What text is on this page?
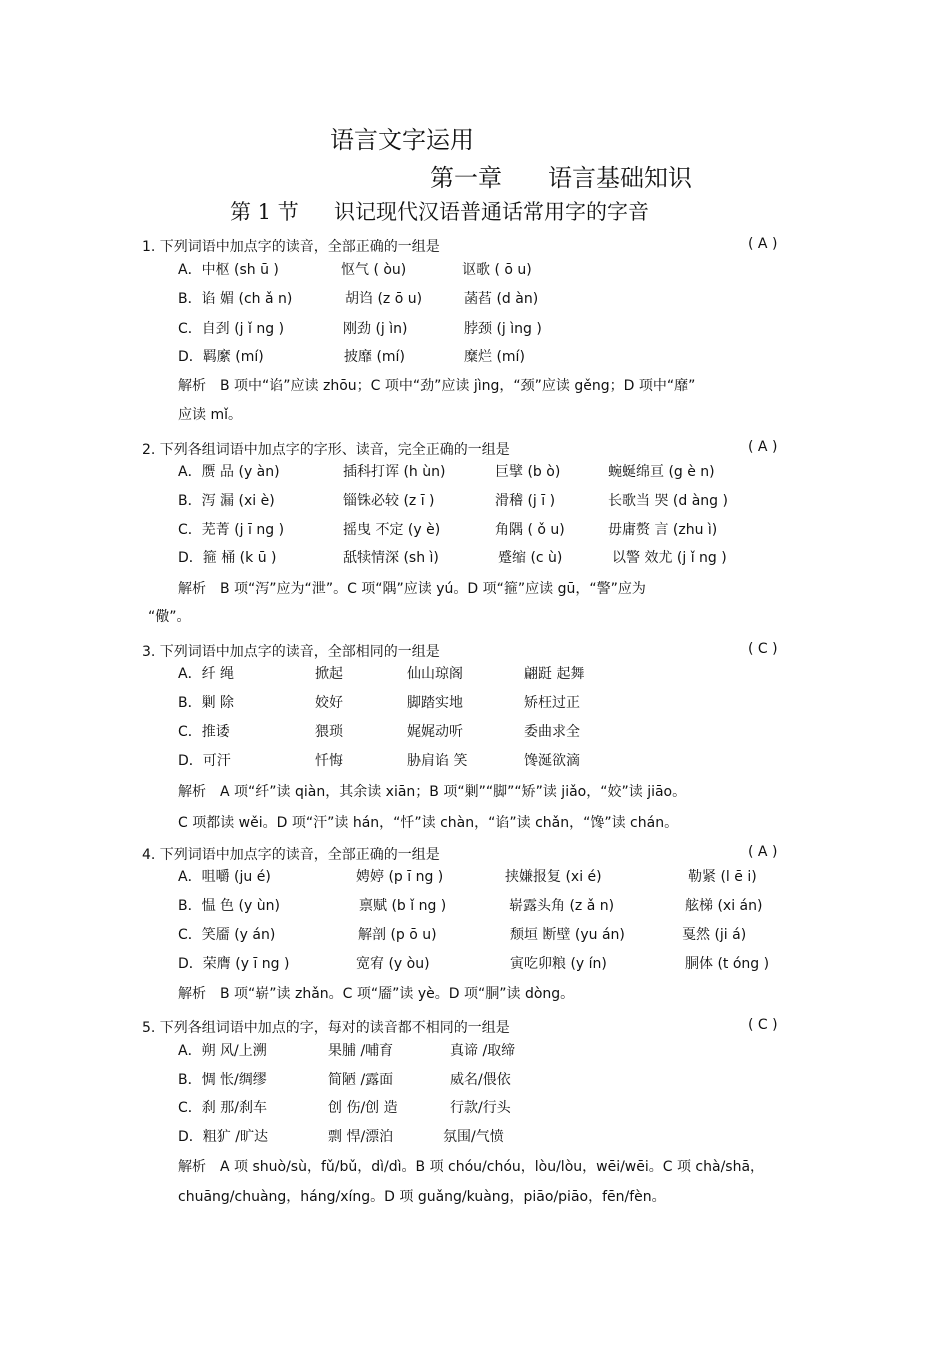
语言文字运用
第一章 语言基础知识
第 1 节 识记现代汉语普通话常用字的字音
1. 下列词语中加点字的读音，全部正确的一组是	( A )
A．中枢 (sh ū )	怄气 ( òu)	讴歌 ( ō u)
B．谄 媚 (ch ǎ n)	胡诌 (z ō u)	菡萏 (d àn)
C．自刭 (j ǐ ng )	刚劲 (j ìn)	脖颈 (j ìng )
D．羁縻 (mí)	披靡 (mí)	糜烂 (mí)
解析　B 项中“谄”应读 zhōu；C 项中“劲”应读 jìng，“颈”应读 gěng；D 项中“靡”
应读 mǐ。
2. 下列各组词语中加点字的字形、读音，完全正确的一组是	( A )
A．赝 品 (y àn)	插科打诨 (h ùn)	巨擘 (b ò)	蜿蜒绵亘 (g è n)
B．泻 漏 (xi è)	锱铢必较 (z ī )	滑稽 (j ī )	长歌当 哭 (d àng )
C．芜菁 (j ī ng )	摇曳 不定 (y è)	角隅 ( ǒ u)	毋庸赘 言 (zhu ì)
D．箍 桶 (k ū )	舐犊情深 (sh ì)	蹙缩 (c ù)	以警 效尤 (j ǐ ng )
解析　B 项“泻”应为“泄”。C 项“隅”应读 yú。D 项“箍”应读 gū，“警”应为
“儆”。
3. 下列词语中加点字的读音，全部相同的一组是	( C )
A．纤 绳	掀起	仙山琼阁	翩跹 起舞
B．剿 除	姣好	脚踏实地	矫枉过正
C．推诿	猥琐	娓娓动听	委曲求全
D．可汗	忏悔	胁肩谄 笑	馋涎欲滴
解析　A 项“纤”读 qiàn，其余读 xiān；B 项“剿”“脚”“矫”读 jiǎo，“姣”读 jiāo。
C 项都读 wěi。D 项“汗”读 hán，“忏”读 chàn，“谄”读 chǎn，“馋”读 chán。
4. 下列词语中加点字的读音，全部正确的一组是	( A )
A．咀嚼 (ju é)	娉婷 (p ī ng )	挟嫌报复 (xi é)	勒紧 (l ē i)
B．愠 色 (y ùn)	禀赋 (b ǐ ng )	崭露头角 (z ǎ n)	舷梯 (xi án)
C．笑靥 (y án)	解剖 (p ō u)	颓垣 断壁 (yu án)	戛然 (ji á)
D．荣膺 (y ī ng )	宽宥 (y òu)	寅吃卯粮 (y ín)	胴体 (t óng )
解析　B 项“崭”读 zhǎn。C 项“靥”读 yè。D 项“胴”读 dòng。
5. 下列各组词语中加点的字，每对的读音都不相同的一组是	( C )
A．朔 风/上溯	果脯 /哺育	真谛 /取缔
B．惆 怅/绸缪	简陋 /露面	威名/偎依
C．刹 那/刹车	创 伤/创 造	行款/行头
D．粗犷 /旷达	剽 悍/漂泊	氛围/气愤
解析　A 项 shuò/sù，fǔ/bǔ，dì/dì。B 项 chóu/chóu，lòu/lòu，wēi/wēi。C 项 chà/shā，
chuāng/chuàng，háng/xíng。D 项 guǎng/kuàng，piāo/piāo，fēn/fèn。
